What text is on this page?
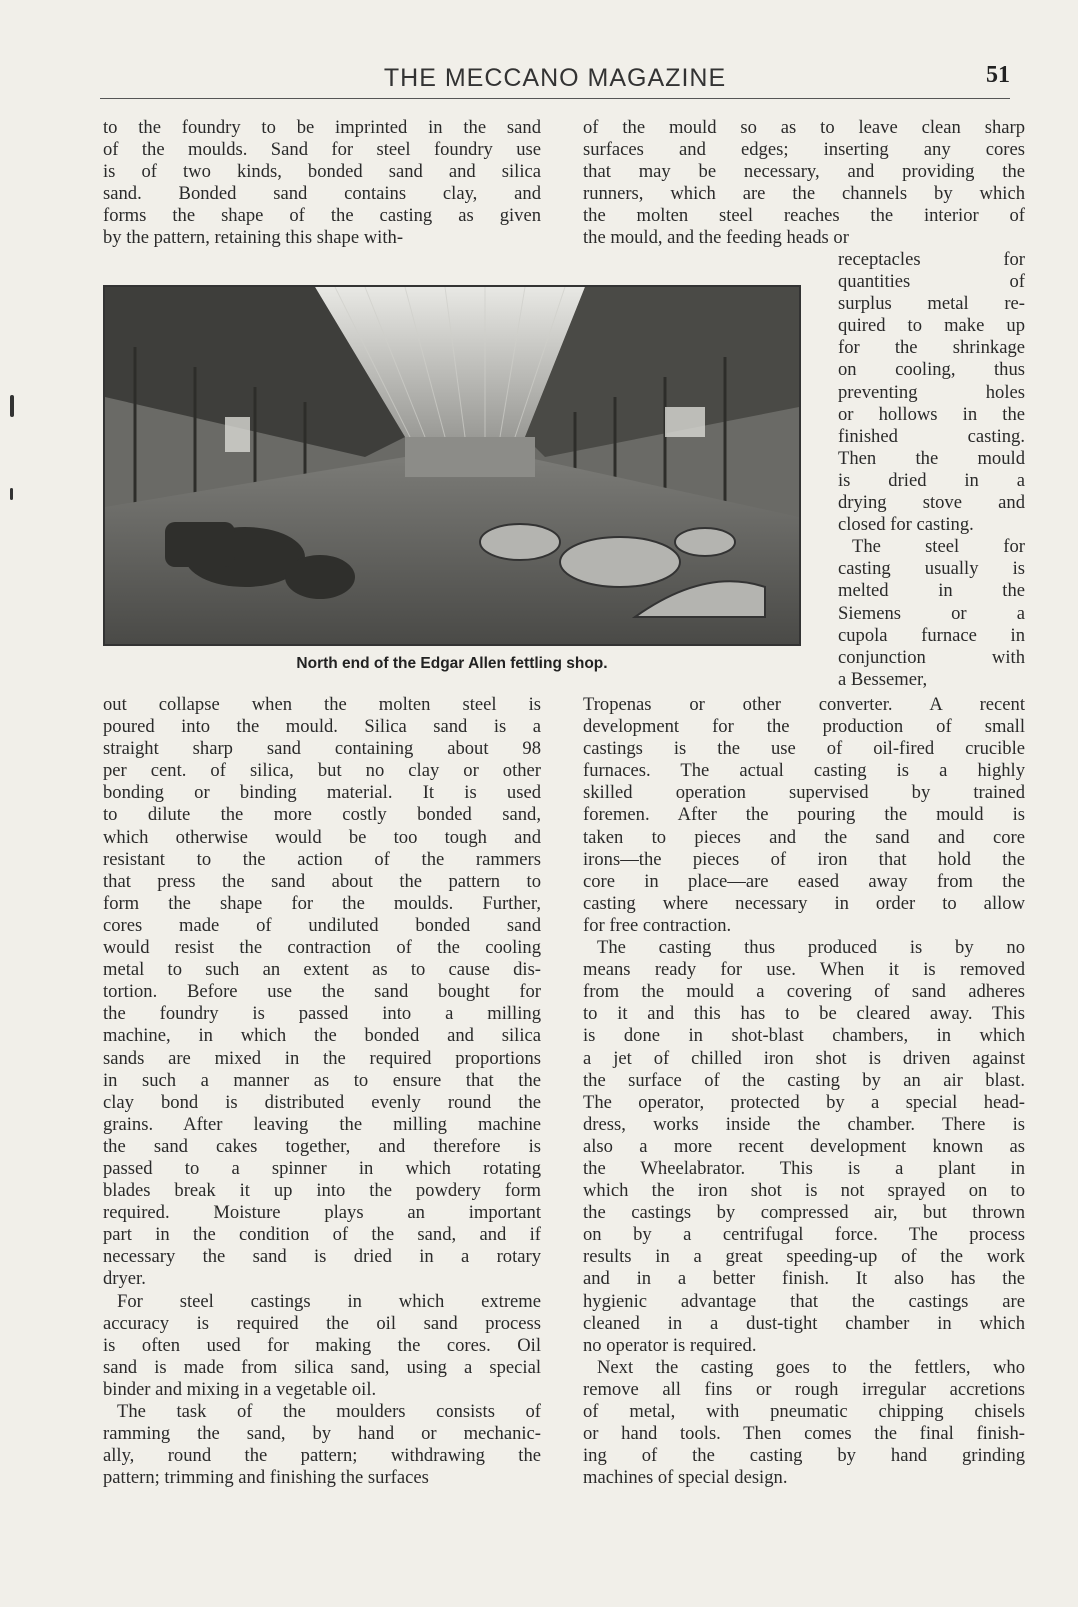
THE MECCANO MAGAZINE	51
to the foundry to be imprinted in the sand
of the moulds. Sand for steel foundry use
is of two kinds, bonded sand and silica
sand. Bonded sand contains clay, and
forms the shape of the casting as given
by the pattern, retaining this shape with-
of the mould so as to leave clean sharp
surfaces and edges; inserting any cores
that may be necessary, and providing the
runners, which are the channels by which
the molten steel reaches the interior of
the mould, and the feeding heads or
receptacles for
quantities of
surplus metal re-
quired to make up
for the shrinkage
on cooling, thus
preventing holes
or hollows in the
finished casting.
Then the mould
is dried in a
drying stove and
closed for casting.
The steel for
casting usually is
melted in the
Siemens or a
cupola furnace in
conjunction with
a Bessemer,
North end of the Edgar Allen fettling shop.
out collapse when the molten steel is
poured into the mould. Silica sand is a
straight sharp sand containing about 98
per cent. of silica, but no clay or other
bonding or binding material. It is used
to dilute the more costly bonded sand,
which otherwise would be too tough and
resistant to the action of the rammers
that press the sand about the pattern to
form the shape for the moulds. Further,
cores made of undiluted bonded sand
would resist the contraction of the cooling
metal to such an extent as to cause dis-
tortion. Before use the sand bought for
the foundry is passed into a milling
machine, in which the bonded and silica
sands are mixed in the required proportions
in such a manner as to ensure that the
clay bond is distributed evenly round the
grains. After leaving the milling machine
the sand cakes together, and therefore is
passed to a spinner in which rotating
blades break it up into the powdery form
required. Moisture plays an important
part in the condition of the sand, and if
necessary the sand is dried in a rotary
dryer.
For steel castings in which extreme
accuracy is required the oil sand process
is often used for making the cores. Oil
sand is made from silica sand, using a special
binder and mixing in a vegetable oil.
The task of the moulders consists of
ramming the sand, by hand or mechanic-
ally, round the pattern; withdrawing the
pattern; trimming and finishing the surfaces
Tropenas or other converter. A recent
development for the production of small
castings is the use of oil-fired crucible
furnaces. The actual casting is a highly
skilled operation supervised by trained
foremen. After the pouring the mould is
taken to pieces and the sand and core
irons—the pieces of iron that hold the
core in place—are eased away from the
casting where necessary in order to allow
for free contraction.
The casting thus produced is by no
means ready for use. When it is removed
from the mould a covering of sand adheres
to it and this has to be cleared away. This
is done in shot-blast chambers, in which
a jet of chilled iron shot is driven against
the surface of the casting by an air blast.
The operator, protected by a special head-
dress, works inside the chamber. There is
also a more recent development known as
the Wheelabrator. This is a plant in
which the iron shot is not sprayed on to
the castings by compressed air, but thrown
on by a centrifugal force. The process
results in a great speeding-up of the work
and in a better finish. It also has the
hygienic advantage that the castings are
cleaned in a dust-tight chamber in which
no operator is required.
Next the casting goes to the fettlers, who
remove all fins or rough irregular accretions
of metal, with pneumatic chipping chisels
or hand tools. Then comes the final finish-
ing of the casting by hand grinding
machines of special design.
